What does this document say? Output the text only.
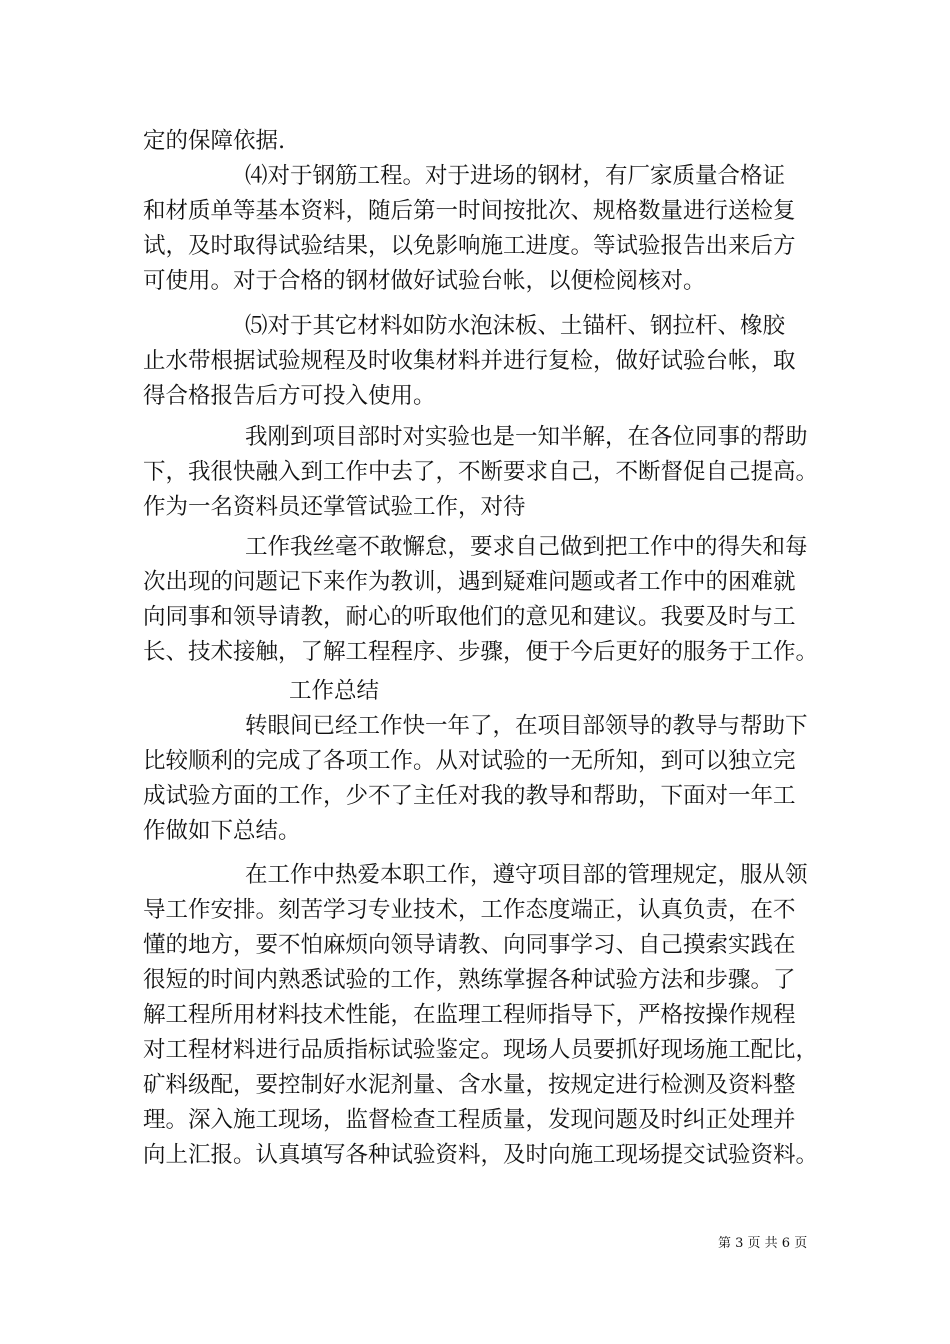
定的保障依据.

⑷对于钢筋工程。对于进场的钢材，有厂家质量合格证

和材质单等基本资料，随后第一时间按批次、规格数量进行送检复

试，及时取得试验结果，以免影响施工进度。等试验报告出来后方

可使用。对于合格的钢材做好试验台帐，以便检阅核对。

⑸对于其它材料如防水泡沫板、土锚杆、钢拉杆、橡胶

止水带根据试验规程及时收集材料并进行复检，做好试验台帐，取

得合格报告后方可投入使用。

我刚到项目部时对实验也是一知半解，在各位同事的帮助

下，我很快融入到工作中去了，不断要求自己，不断督促自己提高。

作为一名资料员还掌管试验工作，对待

工作我丝毫不敢懈怠，要求自己做到把工作中的得失和每

次出现的问题记下来作为教训，遇到疑难问题或者工作中的困难就

向同事和领导请教，耐心的听取他们的意见和建议。我要及时与工

长、技术接触，了解工程程序、步骤，便于今后更好的服务于工作。

工作总结

转眼间已经工作快一年了，在项目部领导的教导与帮助下

比较顺利的完成了各项工作。从对试验的一无所知，到可以独立完

成试验方面的工作，少不了主任对我的教导和帮助，下面对一年工

作做如下总结。

在工作中热爱本职工作，遵守项目部的管理规定，服从领

导工作安排。刻苦学习专业技术，工作态度端正，认真负责，在不

懂的地方，要不怕麻烦向领导请教、向同事学习、自己摸索实践在

很短的时间内熟悉试验的工作，熟练掌握各种试验方法和步骤。了

解工程所用材料技术性能，在监理工程师指导下，严格按操作规程

对工程材料进行品质指标试验鉴定。现场人员要抓好现场施工配比，

矿料级配，要控制好水泥剂量、含水量，按规定进行检测及资料整

理。深入施工现场，监督检查工程质量，发现问题及时纠正处理并

向上汇报。认真填写各种试验资料，及时向施工现场提交试验资料。

第 3 页 共 6 页
